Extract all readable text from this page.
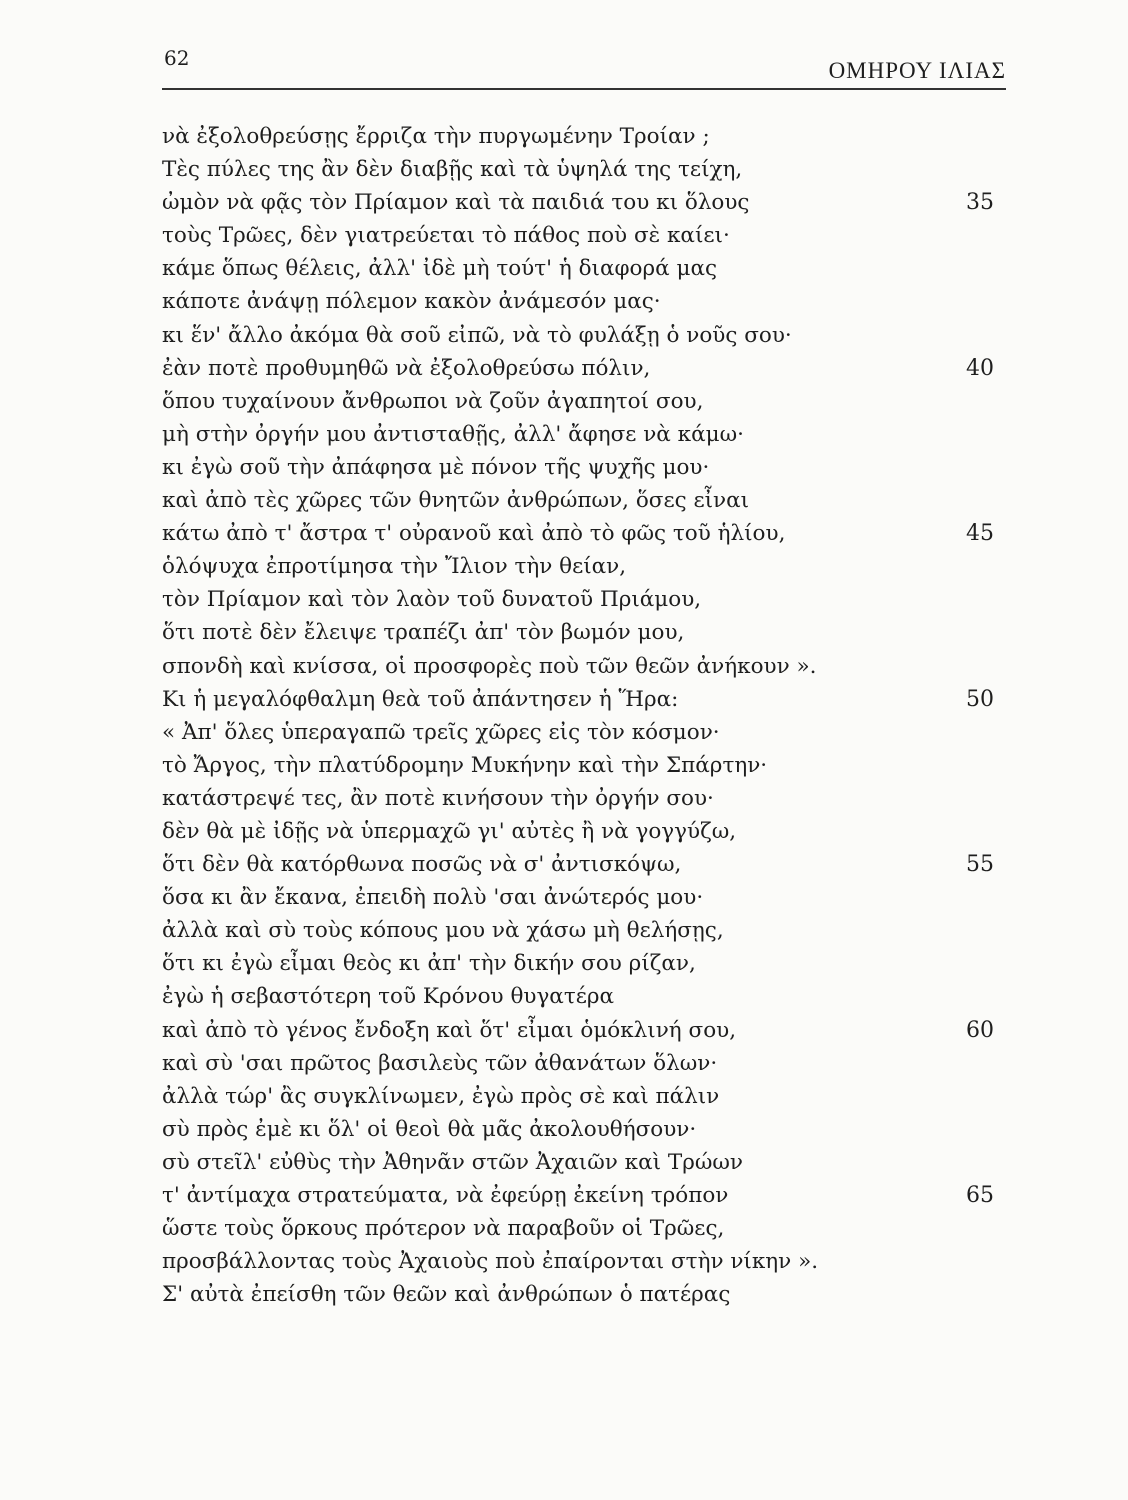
62	ΟΜΗΡΟΥ ΙΛΙΑΣ
νὰ ἐξολοθρεύσῃς ἔρριζα τὴν πυργωμένην Τροίαν ;
Τὲς πύλες της ἂν δὲν διαβῇς καὶ τὰ ὑψηλά της τείχη,
ὠμὸν νὰ φᾷς τὸν Πρίαμον καὶ τὰ παιδιά του κι ὅλους	35
τοὺς Τρῶες, δὲν γιατρεύεται τὸ πάθος ποὺ σὲ καίει·
κάμε ὅπως θέλεις, ἀλλ' ἰδὲ μὴ τούτ' ἡ διαφορά μας
κάποτε ἀνάψῃ πόλεμον κακὸν ἀνάμεσόν μας·
κι ἕν' ἄλλο ἀκόμα θὰ σοῦ εἰπῶ, νὰ τὸ φυλάξῃ ὁ νοῦς σου·
ἐὰν ποτὲ προθυμηθῶ νὰ ἐξολοθρεύσω πόλιν,	40
ὅπου τυχαίνουν ἄνθρωποι νὰ ζοῦν ἀγαπητοί σου,
μὴ στὴν ὀργήν μου ἀντισταθῇς, ἀλλ' ἄφησε νὰ κάμω·
κι ἐγὼ σοῦ τὴν ἀπάφησα μὲ πόνον τῆς ψυχῆς μου·
καὶ ἀπὸ τὲς χῶρες τῶν θνητῶν ἀνθρώπων, ὅσες εἶναι
κάτω ἀπὸ τ' ἄστρα τ' οὐρανοῦ καὶ ἀπὸ τὸ φῶς τοῦ ἡλίου,	45
ὁλόψυχα ἐπροτίμησα τὴν Ἴλιον τὴν θείαν,
τὸν Πρίαμον καὶ τὸν λαὸν τοῦ δυνατοῦ Πριάμου,
ὅτι ποτὲ δὲν ἔλειψε τραπέζι ἀπ' τὸν βωμόν μου,
σπονδὴ καὶ κνίσσα, οἱ προσφορὲς ποὺ τῶν θεῶν ἀνήκουν ».
Κι ἡ μεγαλόφθαλμη θεὰ τοῦ ἀπάντησεν ἡ Ἥρα:	50
« Ἀπ' ὅλες ὑπεραγαπῶ τρεῖς χῶρες εἰς τὸν κόσμον·
τὸ Ἄργος, τὴν πλατύδρομην Μυκήνην καὶ τὴν Σπάρτην·
κατάστρεψέ τες, ἂν ποτὲ κινήσουν τὴν ὀργήν σου·
δὲν θὰ μὲ ἰδῇς νὰ ὑπερμαχῶ γι' αὐτὲς ἢ νὰ γογγύζω,
ὅτι δὲν θὰ κατόρθωνα ποσῶς νὰ σ' ἀντισκόψω,	55
ὅσα κι ἂν ἔκανα, ἐπειδὴ πολὺ 'σαι ἀνώτερός μου·
ἀλλὰ καὶ σὺ τοὺς κόπους μου νὰ χάσω μὴ θελήσῃς,
ὅτι κι ἐγὼ εἶμαι θεὸς κι ἀπ' τὴν δικήν σου ρίζαν,
ἐγὼ ἡ σεβαστότερη τοῦ Κρόνου θυγατέρα
καὶ ἀπὸ τὸ γένος ἔνδοξη καὶ ὅτ' εἶμαι ὁμόκλινή σου,	60
καὶ σὺ 'σαι πρῶτος βασιλεὺς τῶν ἀθανάτων ὅλων·
ἀλλὰ τώρ' ἂς συγκλίνωμεν, ἐγὼ πρὸς σὲ καὶ πάλιν
σὺ πρὸς ἐμὲ κι ὅλ' οἱ θεοὶ θὰ μᾶς ἀκολουθήσουν·
σὺ στεῖλ' εὐθὺς τὴν Ἀθηνᾶν στῶν Ἀχαιῶν καὶ Τρώων
τ' ἀντίμαχα στρατεύματα, νὰ ἐφεύρῃ ἐκείνη τρόπον	65
ὥστε τοὺς ὅρκους πρότερον νὰ παραβοῦν οἱ Τρῶες,
προσβάλλοντας τοὺς Ἀχαιοὺς ποὺ ἐπαίρονται στὴν νίκην ».
Σ' αὐτὰ ἐπείσθη τῶν θεῶν καὶ ἀνθρώπων ὁ πατέρας
